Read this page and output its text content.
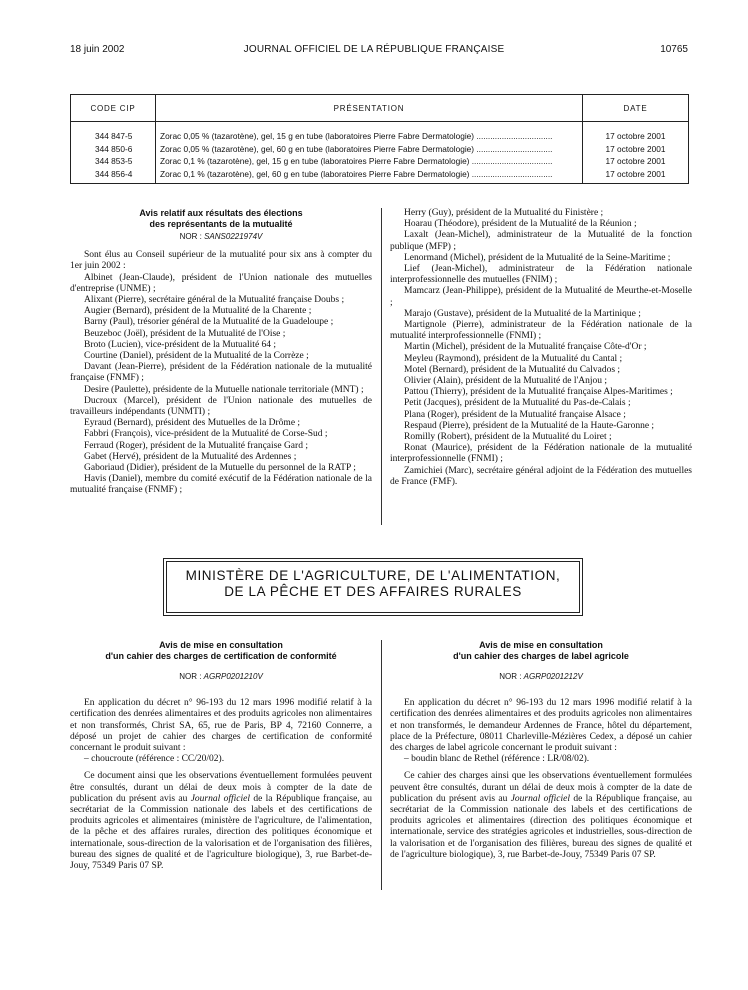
18 juin 2002	JOURNAL OFFICIEL DE LA RÉPUBLIQUE FRANÇAISE	10765
CODE CIP	PRÉSENTATION	DATE
344 847-5	Zorac 0,05 % (tazarotène), gel, 15 g en tube (laboratoires Pierre Fabre Dermatologie) .................................	17 octobre 2001
344 850-6	Zorac 0,05 % (tazarotène), gel, 60 g en tube (laboratoires Pierre Fabre Dermatologie) .................................	17 octobre 2001
344 853-5	Zorac 0,1 % (tazarotène), gel, 15 g en tube (laboratoires Pierre Fabre Dermatologie) ...................................	17 octobre 2001
344 856-4	Zorac 0,1 % (tazarotène), gel, 60 g en tube (laboratoires Pierre Fabre Dermatologie) ...................................	17 octobre 2001
Avis relatif aux résultats des élections
des représentants de la mutualité
NOR : SANS0221974V

Sont élus au Conseil supérieur de la mutualité pour six ans à compter du 1er juin 2002 :

Albinet (Jean-Claude), président de l'Union nationale des mutuelles d'entreprise (UNME) ;

Alixant (Pierre), secrétaire général de la Mutualité française Doubs ;

Augier (Bernard), président de la Mutualité de la Charente ;

Barny (Paul), trésorier général de la Mutualité de la Guadeloupe ;

Beuzeboc (Joël), président de la Mutualité de l'Oise ;

Broto (Lucien), vice-président de la Mutualité 64 ;

Courtine (Daniel), président de la Mutualité de la Corrèze ;

Davant (Jean-Pierre), président de la Fédération nationale de la mutualité française (FNMF) ;

Desire (Paulette), présidente de la Mutuelle nationale territoriale (MNT) ;

Ducroux (Marcel), président de l'Union nationale des mutuelles de travailleurs indépendants (UNMTI) ;

Eyraud (Bernard), président des Mutuelles de la Drôme ;

Fabbri (François), vice-président de la Mutualité de Corse-Sud ;

Ferraud (Roger), président de la Mutualité française Gard ;

Gabet (Hervé), président de la Mutualité des Ardennes ;

Gaboriaud (Didier), président de la Mutuelle du personnel de la RATP ;

Havis (Daniel), membre du comité exécutif de la Fédération nationale de la mutualité française (FNMF) ;

Herry (Guy), président de la Mutualité du Finistère ;

Hoarau (Théodore), président de la Mutualité de la Réunion ;

Laxalt (Jean-Michel), administrateur de la Mutualité de la fonction publique (MFP) ;

Lenormand (Michel), président de la Mutualité de la Seine-Maritime ;

Lief (Jean-Michel), administrateur de la Fédération nationale interprofessionnelle des mutuelles (FNIM) ;

Mamcarz (Jean-Philippe), président de la Mutualité de Meurthe-et-Moselle ;

Marajo (Gustave), président de la Mutualité de la Martinique ;

Martignole (Pierre), administrateur de la Fédération nationale de la mutualité interprofessionnelle (FNMI) ;

Martin (Michel), président de la Mutualité française Côte-d'Or ;

Meyleu (Raymond), président de la Mutualité du Cantal ;

Motel (Bernard), président de la Mutualité du Calvados ;

Olivier (Alain), président de la Mutualité de l'Anjou ;

Pattou (Thierry), président de la Mutualité française Alpes-Maritimes ;

Petit (Jacques), président de la Mutualité du Pas-de-Calais ;

Plana (Roger), président de la Mutualité française Alsace ;

Respaud (Pierre), président de la Mutualité de la Haute-Garonne ;

Romilly (Robert), président de la Mutualité du Loiret ;

Ronat (Maurice), président de la Fédération nationale de la mutualité interprofessionnelle (FNMI) ;

Zamichiei (Marc), secrétaire général adjoint de la Fédération des mutuelles de France (FMF).

MINISTÈRE DE L'AGRICULTURE, DE L'ALIMENTATION,
DE LA PÊCHE ET DES AFFAIRES RURALES
Avis de mise en consultation
d'un cahier des charges de certification de conformité
NOR : AGRP0201210V

En application du décret n° 96-193 du 12 mars 1996 modifié relatif à la certification des denrées alimentaires et des produits agricoles non alimentaires et non transformés, Christ SA, 65, rue de Paris, BP 4, 72160 Connerre, a déposé un projet de cahier des charges de certification de conformité concernant le produit suivant :

– choucroute (référence : CC/20/02).

Ce document ainsi que les observations éventuellement formulées peuvent être consultés, durant un délai de deux mois à compter de la date de publication du présent avis au Journal officiel de la République française, au secrétariat de la Commission nationale des labels et des certifications de produits agricoles et alimentaires (ministère de l'agriculture, de l'alimentation, de la pêche et des affaires rurales, direction des politiques économique et internationale, sous-direction de la valorisation et de l'organisation des filières, bureau des signes de qualité et de l'agriculture biologique), 3, rue Barbet-de-Jouy, 75349 Paris 07 SP.

Avis de mise en consultation
d'un cahier des charges de label agricole
NOR : AGRP0201212V

En application du décret n° 96-193 du 12 mars 1996 modifié relatif à la certification des denrées alimentaires et des produits agricoles non alimentaires et non transformés, le demandeur Ardennes de France, hôtel du département, place de la Préfecture, 08011 Charleville-Mézières Cedex, a déposé un cahier des charges de label agricole concernant le produit suivant :

– boudin blanc de Rethel (référence : LR/08/02).

Ce cahier des charges ainsi que les observations éventuellement formulées peuvent être consultés, durant un délai de deux mois à compter de la date de publication du présent avis au Journal officiel de la République française, au secrétariat de la Commission nationale des labels et des certifications de produits agricoles et alimentaires (direction des politiques économique et internationale, service des stratégies agricoles et industrielles, sous-direction de la valorisation et de l'organisation des filières, bureau des signes de qualité et de l'agriculture biologique), 3, rue Barbet-de-Jouy, 75349 Paris 07 SP.
